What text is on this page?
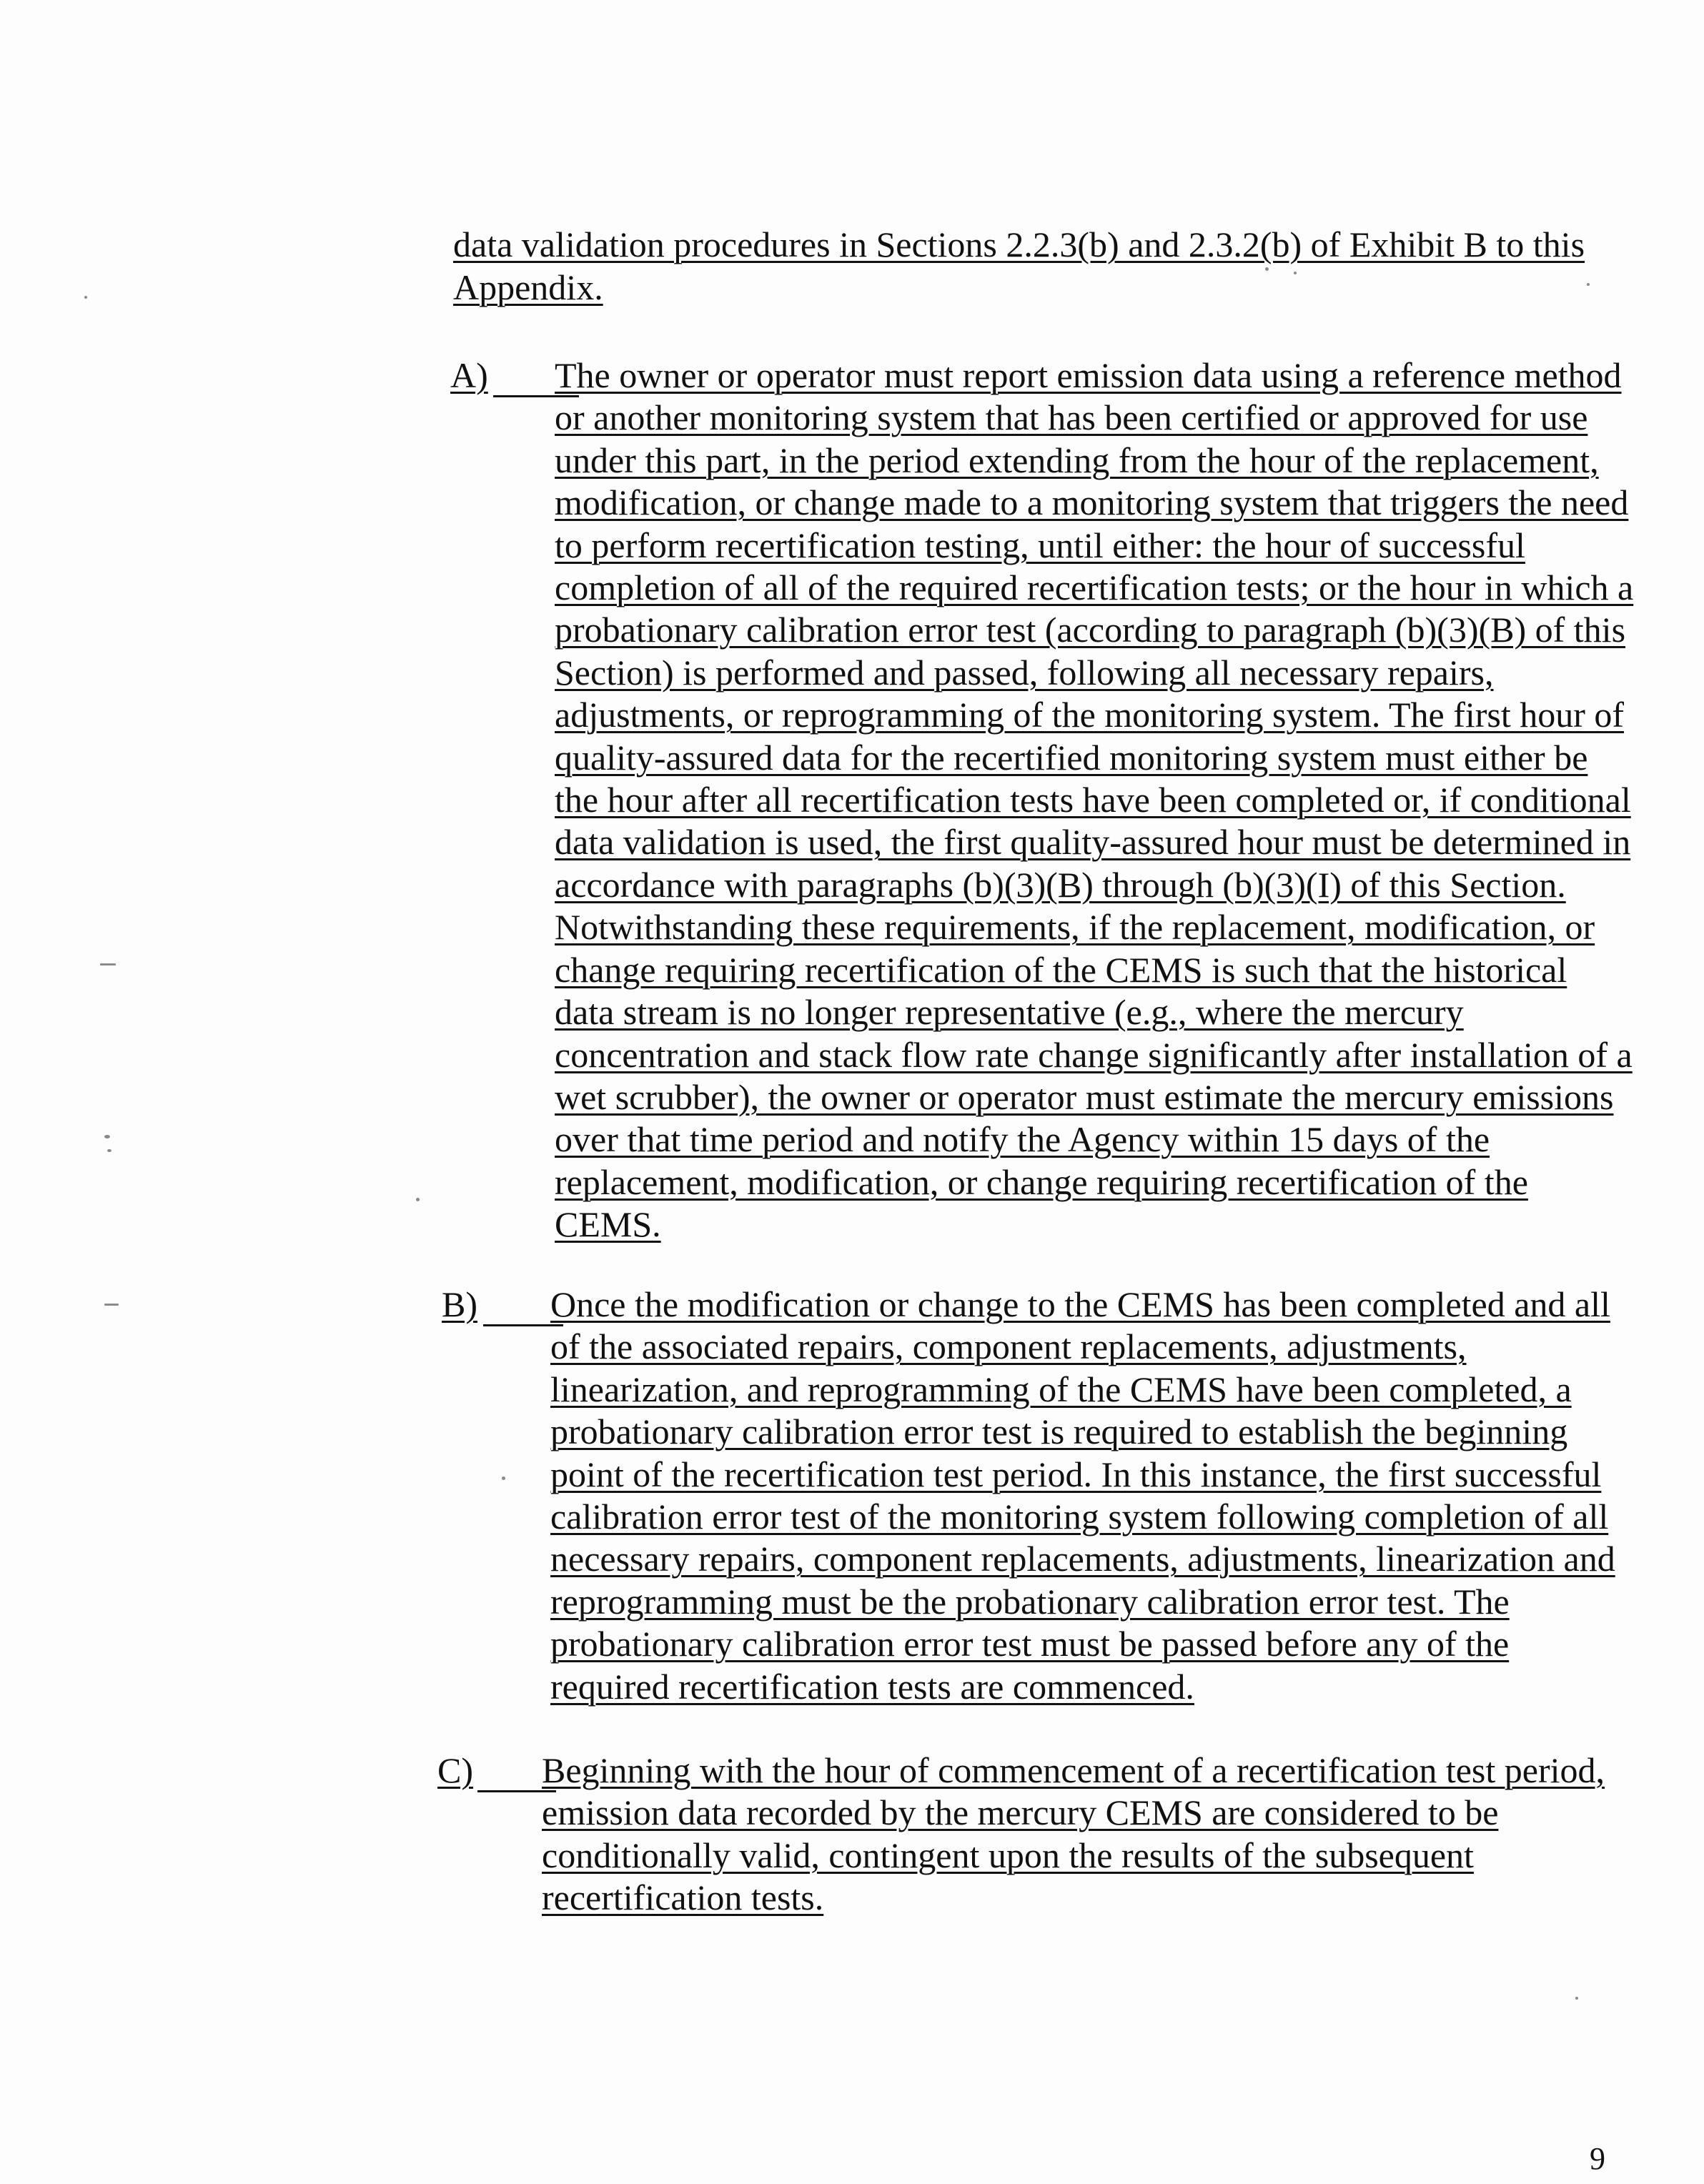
data validation procedures in Sections 2.2.3(b) and 2.3.2(b) of Exhibit B to this Appendix.
A) The owner or operator must report emission data using a reference method or another monitoring system that has been certified or approved for use under this part, in the period extending from the hour of the replacement, modification, or change made to a monitoring system that triggers the need to perform recertification testing, until either: the hour of successful completion of all of the required recertification tests; or the hour in which a probationary calibration error test (according to paragraph (b)(3)(B) of this Section) is performed and passed, following all necessary repairs, adjustments, or reprogramming of the monitoring system. The first hour of quality-assured data for the recertified monitoring system must either be the hour after all recertification tests have been completed or, if conditional data validation is used, the first quality-assured hour must be determined in accordance with paragraphs (b)(3)(B) through (b)(3)(I) of this Section. Notwithstanding these requirements, if the replacement, modification, or change requiring recertification of the CEMS is such that the historical data stream is no longer representative (e.g., where the mercury concentration and stack flow rate change significantly after installation of a wet scrubber), the owner or operator must estimate the mercury emissions over that time period and notify the Agency within 15 days of the replacement, modification, or change requiring recertification of the CEMS.
B) Once the modification or change to the CEMS has been completed and all of the associated repairs, component replacements, adjustments, linearization, and reprogramming of the CEMS have been completed, a probationary calibration error test is required to establish the beginning point of the recertification test period. In this instance, the first successful calibration error test of the monitoring system following completion of all necessary repairs, component replacements, adjustments, linearization and reprogramming must be the probationary calibration error test. The probationary calibration error test must be passed before any of the required recertification tests are commenced.
C) Beginning with the hour of commencement of a recertification test period, emission data recorded by the mercury CEMS are considered to be conditionally valid, contingent upon the results of the subsequent recertification tests.
9
